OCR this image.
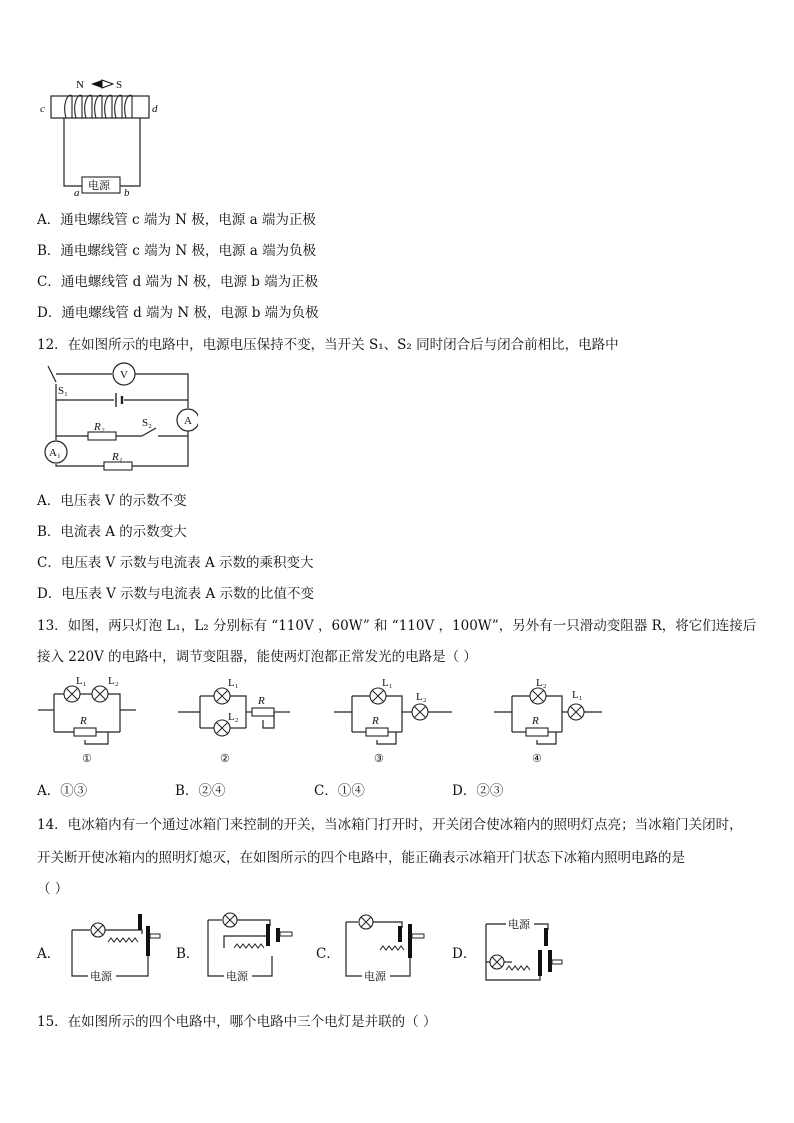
N	S
c	d
电源
a	b
A．通电螺线管 c 端为 N 极，电源 a 端为正极
B．通电螺线管 c 端为 N 极，电源 a 端为负极
C．通电螺线管 d 端为 N 极，电源 b 端为正极
D．通电螺线管 d 端为 N 极，电源 b 端为负极
12．在如图所示的电路中，电源电压保持不变，当开关 S₁、S₂ 同时闭合后与闭合前相比，电路中
V
S₁
A
R₂	S₂
A₁	R₁
A．电压表 V 的示数不变
B．电流表 A 的示数变大
C．电压表 V 示数与电流表 A 示数的乘积变大
D．电压表 V 示数与电流表 A 示数的比值不变
13．如图，两只灯泡 L₁，L₂ 分别标有 “110V ，60W” 和 “110V ，100W”，另外有一只滑动变阻器 R，将它们连接后
接入 220V 的电路中，调节变阻器，能使两灯泡都正常发光的电路是（ ）
L₁ L₂
R
①
L₁
L₂
R
②
L₁
R
L₂
③
L₂
R
L₁
④
A．①③	B．②④	C．①④	D．②③
14．电冰箱内有一个通过冰箱门来控制的开关，当冰箱门打开时，开关闭合使冰箱内的照明灯点亮；当冰箱门关闭时，
开关断开使冰箱内的照明灯熄灭，在如图所示的四个电路中，能正确表示冰箱开门状态下冰箱内照明电路的是
（ ）
A．
电源
B．
电源
C．
电源
D．
电源
15．在如图所示的四个电路中，哪个电路中三个电灯是并联的（ ）
